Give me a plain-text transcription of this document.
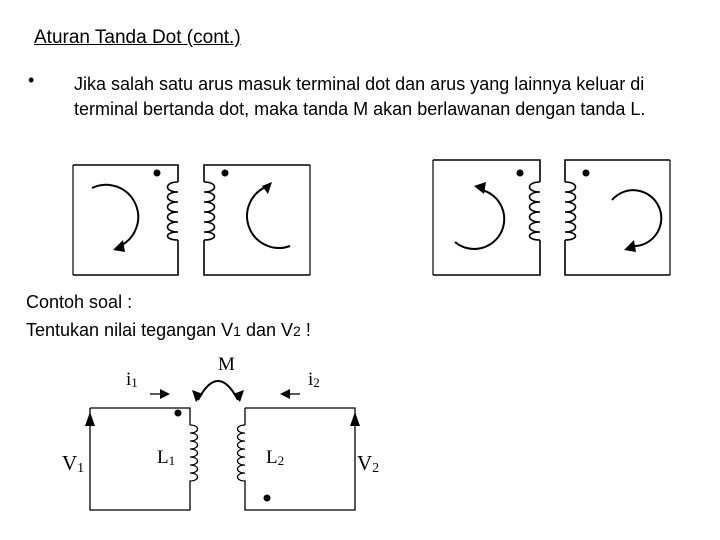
Aturan Tanda Dot (cont.)
• Jika salah satu arus masuk terminal dot dan arus yang lainnya keluar di terminal bertanda dot, maka tanda M akan berlawanan dengan tanda L.
Contoh soal :
Tentukan nilai tegangan V1 dan V2 !
M
i1	i2
V1	V2
L1	L2
